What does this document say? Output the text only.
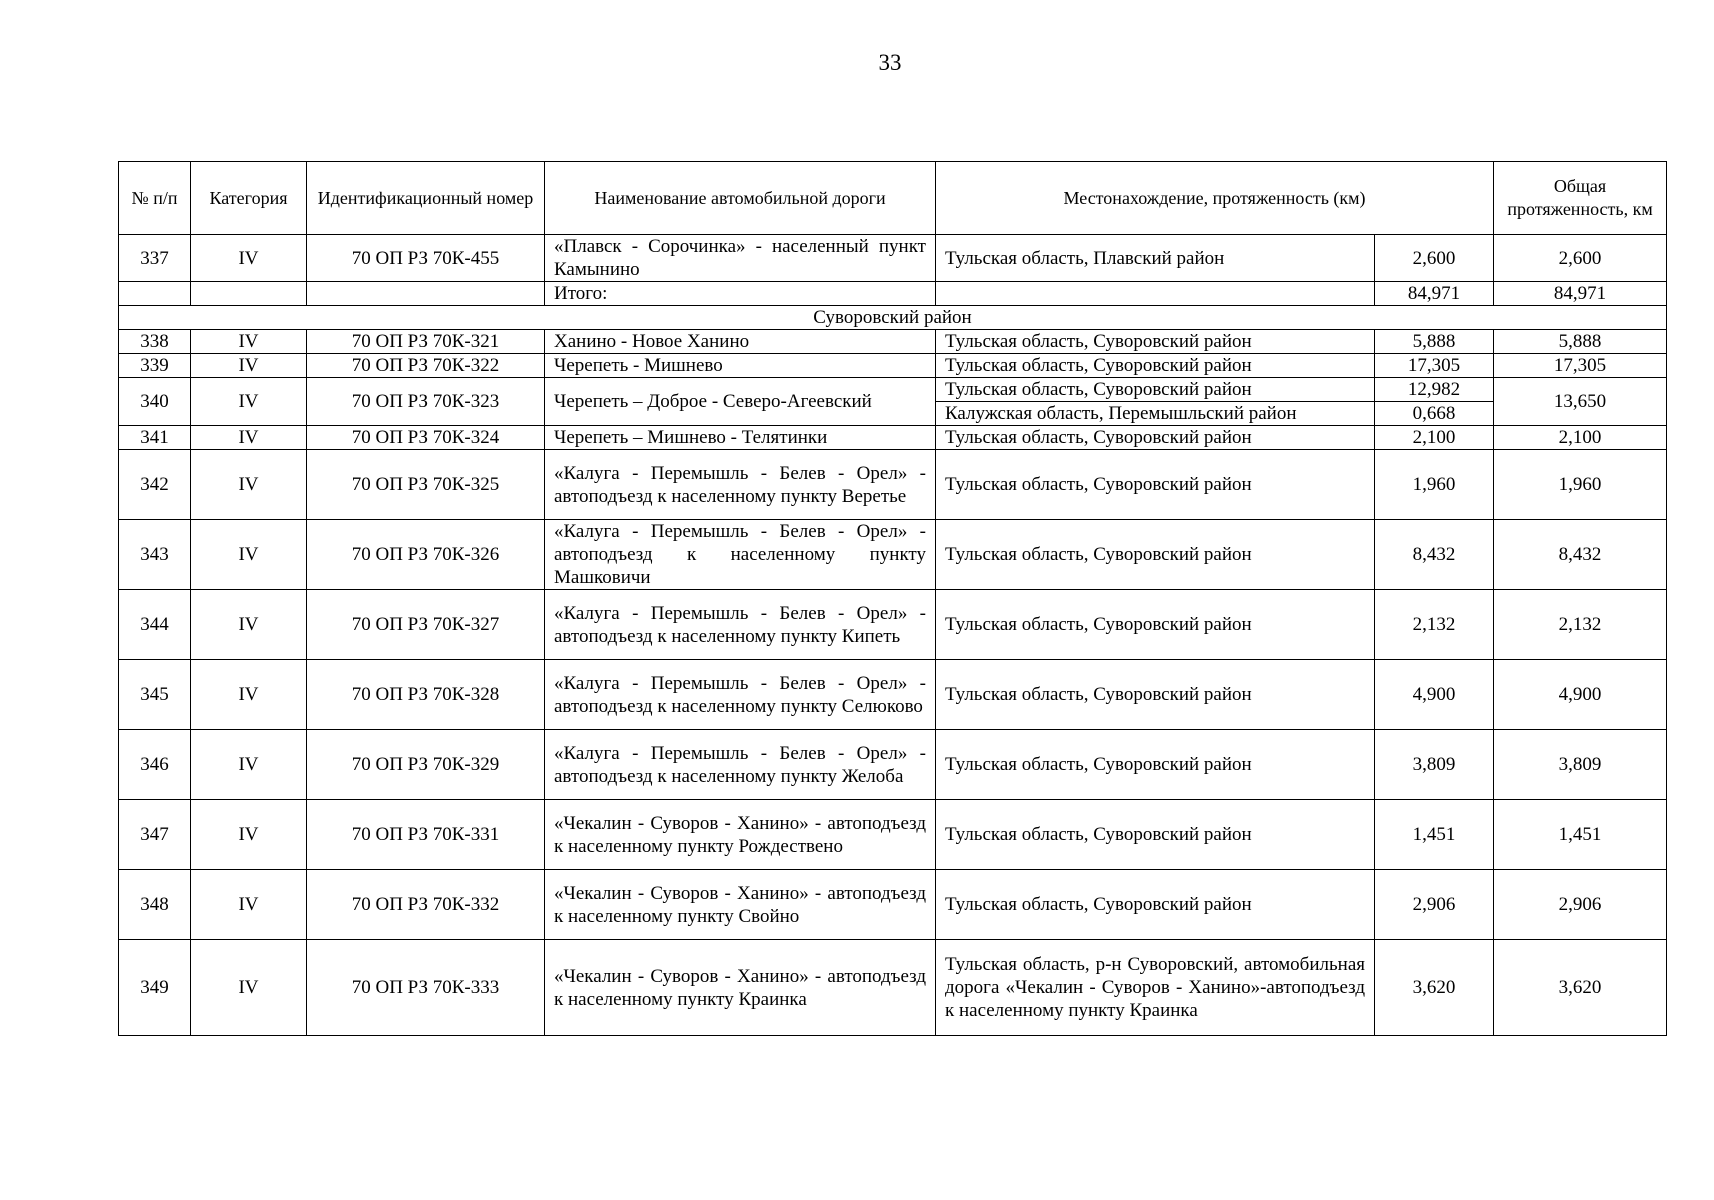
33
№ п/п	Категория	Идентификационный номер	Наименование автомобильной дороги	Местонахождение, протяженность (км)		Общая протяженность, км
337	IV	70 ОП РЗ 70К-455	«Плавск - Сорочинка» - населенный пункт Камынино	Тульская область, Плавский район	2,600	2,600
			Итого:		84,971	84,971
Суворовский район						
338	IV	70 ОП РЗ 70К-321	Ханино - Новое Ханино	Тульская область, Суворовский район	5,888	5,888
339	IV	70 ОП РЗ 70К-322	Черепеть - Мишнево	Тульская область, Суворовский район	17,305	17,305
340	IV	70 ОП РЗ 70К-323	Черепеть – Доброе - Северо-Агеевский	Тульская область, Суворовский район	12,982	13,650
				Калужская область, Перемышльский район	0,668	
341	IV	70 ОП РЗ 70К-324	Черепеть – Мишнево - Телятинки	Тульская область, Суворовский район	2,100	2,100
342	IV	70 ОП РЗ 70К-325	«Калуга - Перемышль - Белев - Орел» - автоподъезд к населенному пункту Веретье	Тульская область, Суворовский район	1,960	1,960
343	IV	70 ОП РЗ 70К-326	«Калуга - Перемышль - Белев - Орел» - автоподъезд к населенному пункту Машковичи	Тульская область, Суворовский район	8,432	8,432
344	IV	70 ОП РЗ 70К-327	«Калуга - Перемышль - Белев - Орел» - автоподъезд к населенному пункту Кипеть	Тульская область, Суворовский район	2,132	2,132
345	IV	70 ОП РЗ 70К-328	«Калуга - Перемышль - Белев - Орел» - автоподъезд к населенному пункту Селюково	Тульская область, Суворовский район	4,900	4,900
346	IV	70 ОП РЗ 70К-329	«Калуга - Перемышль - Белев - Орел» - автоподъезд к населенному пункту Желоба	Тульская область, Суворовский район	3,809	3,809
347	IV	70 ОП РЗ 70К-331	«Чекалин - Суворов - Ханино» - автоподъезд к населенному пункту Рождествено	Тульская область, Суворовский район	1,451	1,451
348	IV	70 ОП РЗ 70К-332	«Чекалин - Суворов - Ханино» - автоподъезд к населенному пункту Свойно	Тульская область, Суворовский район	2,906	2,906
349	IV	70 ОП РЗ 70К-333	«Чекалин - Суворов - Ханино» - автоподъезд к населенному пункту Краинка	Тульская область, р-н Суворовский, автомобильная дорога «Чекалин - Суворов - Ханино»-автоподъезд к населенному пункту Краинка	3,620	3,620
